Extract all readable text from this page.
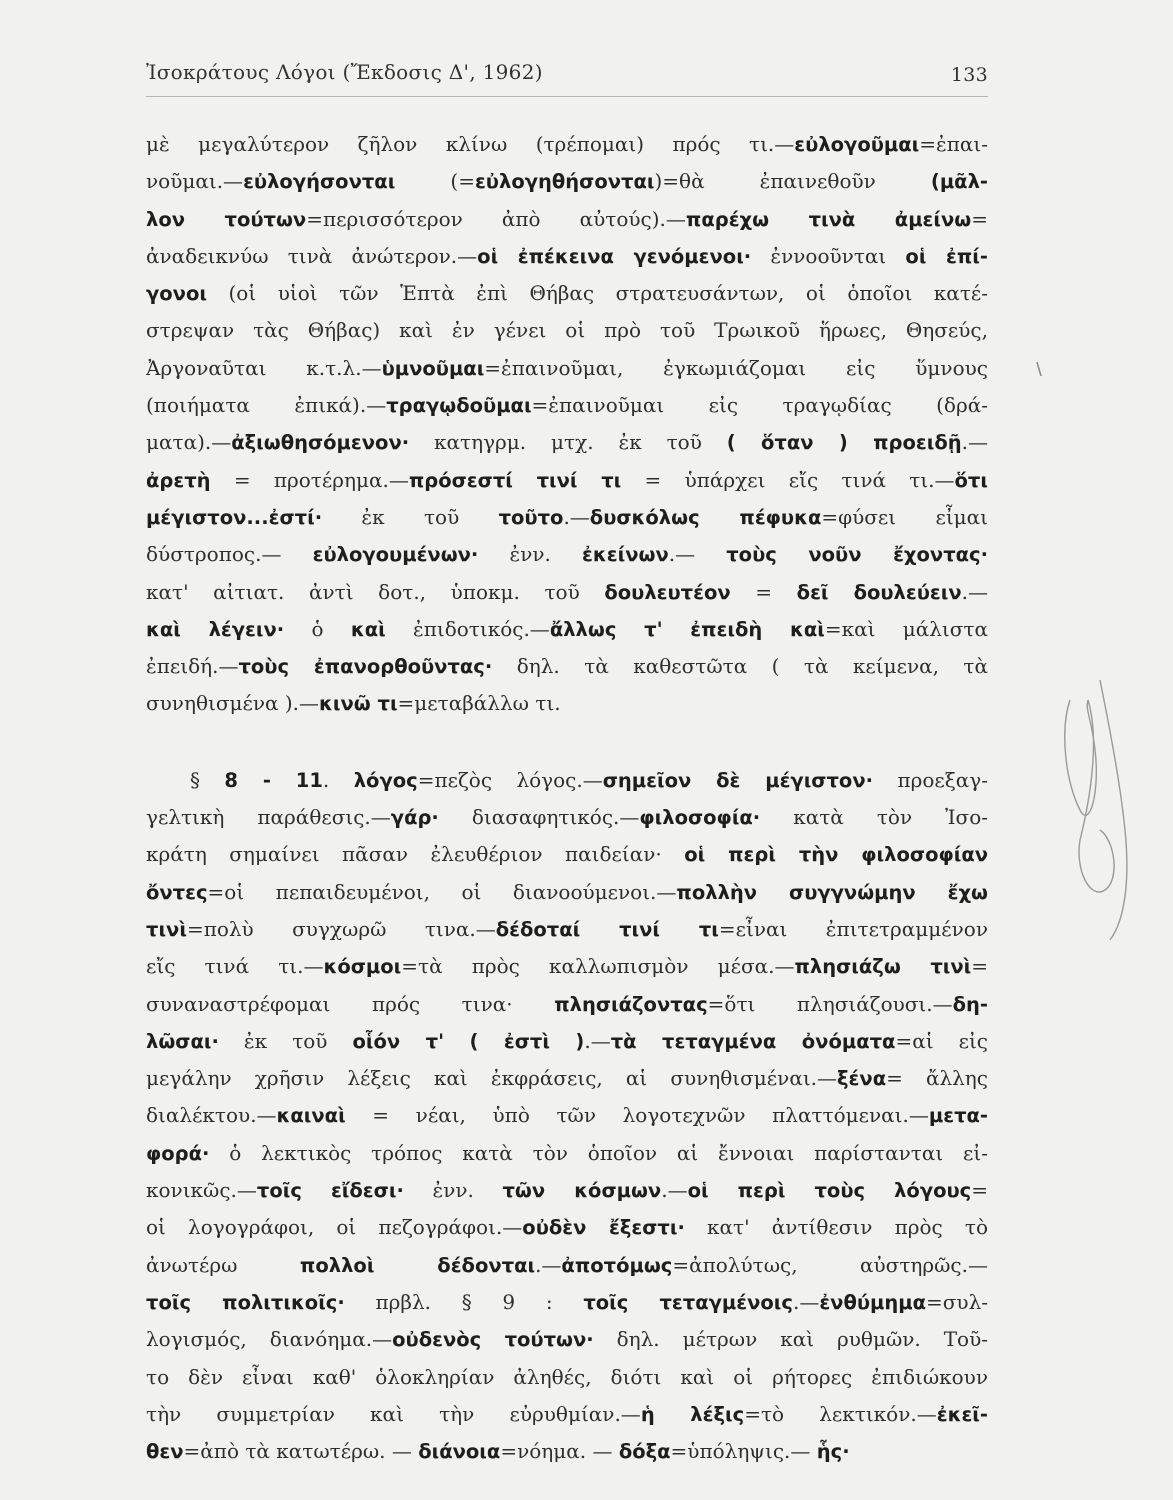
Ἰσοκράτους Λόγοι (Ἔκδοσις Δ', 1962)	133
μὲ μεγαλύτερον ζῆλον κλίνω (τρέπομαι) πρός τι.—εὐλογοῦμαι=ἐπαι-
νοῦμαι.—εὐλογήσονται (=εὐλογηθήσονται)=θὰ ἐπαινεθοῦν (μᾶλ-
λον τούτων=περισσότερον ἀπὸ αὐτούς).—παρέχω τινὰ ἀμείνω=
ἀναδεικνύω τινὰ ἀνώτερον.—οἱ ἐπέκεινα γενόμενοι· ἐννοοῦνται οἱ ἐπί-
γονοι (οἱ υἱοὶ τῶν Ἑπτὰ ἐπὶ Θήβας στρατευσάντων, οἱ ὁποῖοι κατέ-
στρεψαν τὰς Θήβας) καὶ ἐν γένει οἱ πρὸ τοῦ Τρωικοῦ ἥρωες, Θησεύς,
Ἀργοναῦται κ.τ.λ.—ὑμνοῦμαι=ἐπαινοῦμαι, ἐγκωμιάζομαι εἰς ὕμνους
(ποιήματα ἐπικά).—τραγῳδοῦμαι=ἐπαινοῦμαι εἰς τραγῳδίας (δρά-
ματα).—ἀξιωθησόμενον· κατηγρμ. μτχ. ἐκ τοῦ ( ὅταν ) προειδῇ.—
ἀρετὴ = προτέρημα.—πρόσεστί τινί τι = ὑπάρχει εἴς τινά τι.—ὅτι
μέγιστον...ἐστί· ἐκ τοῦ τοῦτο.—δυσκόλως πέφυκα=φύσει εἶμαι
δύστροπος.— εὐλογουμένων· ἐνν. ἐκείνων.— τοὺς νοῦν ἔχοντας·
κατ' αἰτιατ. ἀντὶ δοτ., ὑποκμ. τοῦ δουλευτέον = δεῖ δουλεύειν.—
καὶ λέγειν· ὁ καὶ ἐπιδοτικός.—ἄλλως τ' ἐπειδὴ καὶ=καὶ μάλιστα
ἐπειδή.—τοὺς ἐπανορθοῦντας· δηλ. τὰ καθεστῶτα ( τὰ κείμενα, τὰ
συνηθισμένα ).—κινῶ τι=μεταβάλλω τι.
§ 8 - 11. λόγος=πεζὸς λόγος.—σημεῖον δὲ μέγιστον· προεξαγ-
γελτικὴ παράθεσις.—γάρ· διασαφητικός.—φιλοσοφία· κατὰ τὸν Ἰσο-
κράτη σημαίνει πᾶσαν ἐλευθέριον παιδείαν· οἱ περὶ τὴν φιλοσοφίαν
ὄντες=οἱ πεπαιδευμένοι, οἱ διανοούμενοι.—πολλὴν συγγνώμην ἔχω
τινὶ=πολὺ συγχωρῶ τινα.—δέδοταί τινί τι=εἶναι ἐπιτετραμμένον
εἴς τινά τι.—κόσμοι=τὰ πρὸς καλλωπισμὸν μέσα.—πλησιάζω τινὶ=
συναναστρέφομαι πρός τινα· πλησιάζοντας=ὅτι πλησιάζουσι.—δη-
λῶσαι· ἐκ τοῦ οἷόν τ' ( ἐστὶ ).—τὰ τεταγμένα ὀνόματα=αἱ εἰς
μεγάλην χρῆσιν λέξεις καὶ ἐκφράσεις, αἱ συνηθισμέναι.—ξένα= ἄλλης
διαλέκτου.—καιναὶ = νέαι, ὑπὸ τῶν λογοτεχνῶν πλαττόμεναι.—μετα-
φορά· ὁ λεκτικὸς τρόπος κατὰ τὸν ὁποῖον αἱ ἔννοιαι παρίστανται εἰ-
κονικῶς.—τοῖς εἴδεσι· ἐνν. τῶν κόσμων.—οἱ περὶ τοὺς λόγους=
οἱ λογογράφοι, οἱ πεζογράφοι.—οὐδὲν ἔξεστι· κατ' ἀντίθεσιν πρὸς τὸ
ἀνωτέρω πολλοὶ δέδονται.—ἀποτόμως=ἀπολύτως, αὐστηρῶς.—
τοῖς πολιτικοῖς· πρβλ. § 9 : τοῖς τεταγμένοις.—ἐνθύμημα=συλ-
λογισμός, διανόημα.—οὐδενὸς τούτων· δηλ. μέτρων καὶ ρυθμῶν. Τοῦ-
το δὲν εἶναι καθ' ὁλοκληρίαν ἀληθές, διότι καὶ οἱ ρήτορες ἐπιδιώκουν
τὴν συμμετρίαν καὶ τὴν εὐρυθμίαν.—ἡ λέξις=τὸ λεκτικόν.—ἐκεῖ-
θεν=ἀπὸ τὰ κατωτέρω. — διάνοια=νόημα. — δόξα=ὑπόληψις.— ἧς·
